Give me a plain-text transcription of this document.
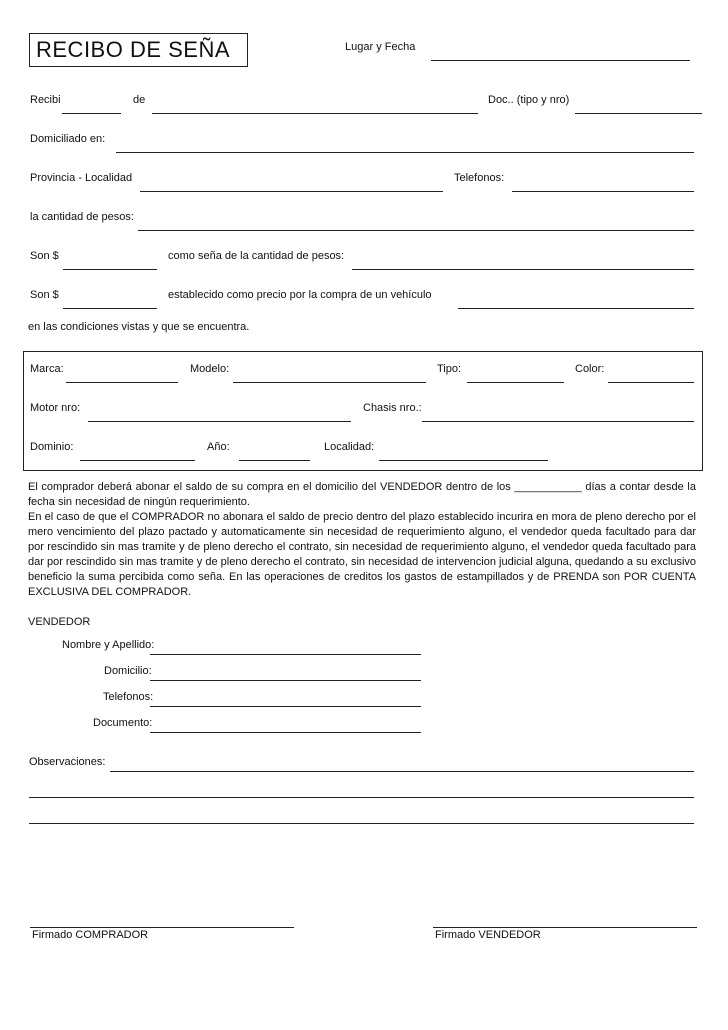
RECIBO DE SEÑA	Lugar y Fecha
Recibi	de	Doc.. (tipo y nro)
Domiciliado en:
Provincia - Localidad	Telefonos:
la cantidad de pesos:
Son $	como seña de la cantidad de pesos:
Son $	establecido como precio por la compra de un vehículo
en las condiciones vistas y que se encuentra.
Marca:	Modelo:	Tipo:	Color:
Motor nro:	Chasis nro.:
Dominio:	Año:	Localidad:

El comprador deberá abonar el saldo de su compra en el domicilio del VENDEDOR dentro de los ___________ días a contar desde la fecha sin necesidad de ningún requerimiento.

En el caso de que el COMPRADOR no abonara el saldo de precio dentro del plazo establecido incurira en mora de pleno derecho por el mero vencimiento del plazo pactado y automaticamente sin necesidad de requerimiento alguno, el vendedor queda facultado para dar por rescindido sin mas tramite y de pleno derecho el contrato, sin necesidad de requerimiento alguno, el vendedor queda facultado para dar por rescindido sin mas tramite y de pleno derecho el contrato, sin necesidad de intervencion judicial alguna, quedando a su exclusivo beneficio la suma percibida como seña. En las operaciones de creditos los gastos de estampillados y de PRENDA son POR CUENTA EXCLUSIVA DEL COMPRADOR.

VENDEDOR
Nombre y Apellido:
Domicilio:
Telefonos:
Documento:
Observaciones:
Firmado COMPRADOR	Firmado VENDEDOR
